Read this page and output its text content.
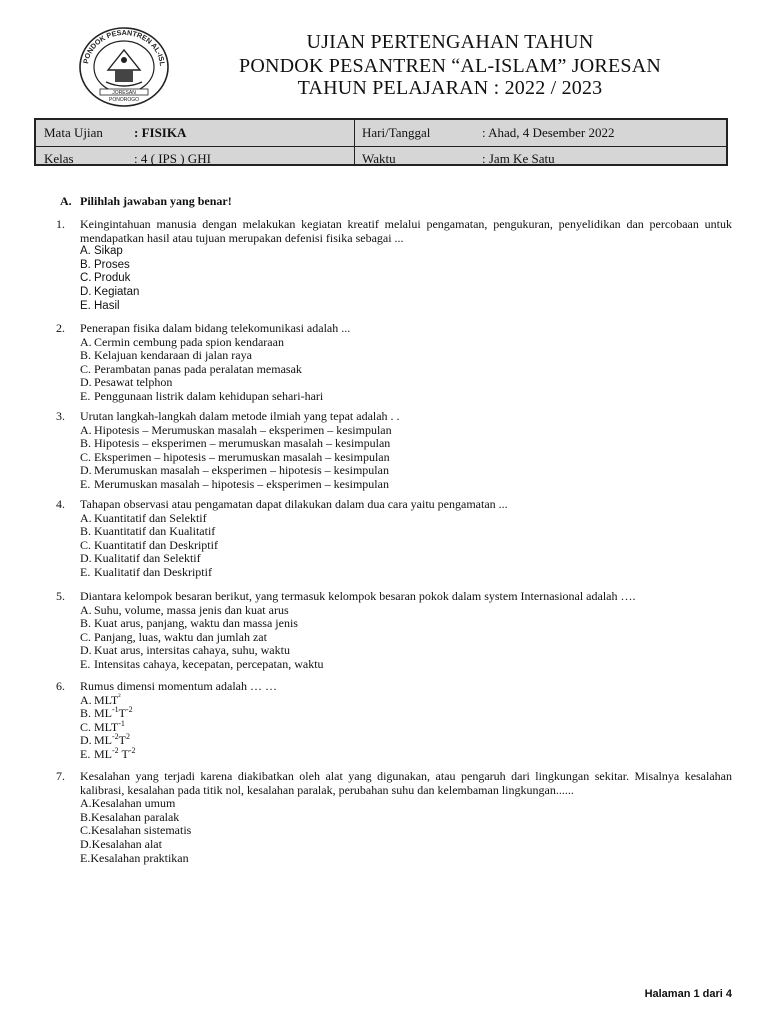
PONDOK PESANTREN AL-ISL
JORESAN
PONOROGO
UJIAN PERTENGAHAN TAHUN
PONDOK PESANTREN “AL-ISLAM” JORESAN
TAHUN PELAJARAN : 2022 / 2023
Mata Ujian : FISIKA	Hari/Tanggal	: Ahad, 4 Desember 2022
Kelas	: 4 ( IPS ) GHI	Waktu	: Jam Ke Satu
A. Pilihlah jawaban yang benar!
1. Keingintahuan manusia dengan melakukan kegiatan kreatif melalui pengamatan, pengukuran, penyelidikan dan percobaan untuk mendapatkan hasil atau tujuan merupakan defenisi fisika sebagai ...
A. Sikap
B. Proses
C. Produk
D. Kegiatan
E. Hasil
2. Penerapan fisika dalam bidang telekomunikasi adalah ...
A. Cermin cembung pada spion kendaraan
B. Kelajuan kendaraan di jalan raya
C. Perambatan panas pada peralatan memasak
D. Pesawat telphon
E. Penggunaan listrik dalam kehidupan sehari-hari
3. Urutan langkah-langkah dalam metode ilmiah yang tepat adalah . .
A. Hipotesis – Merumuskan masalah – eksperimen – kesimpulan
B. Hipotesis – eksperimen – merumuskan masalah – kesimpulan
C. Eksperimen – hipotesis – merumuskan masalah – kesimpulan
D. Merumuskan masalah – eksperimen – hipotesis – kesimpulan
E. Merumuskan masalah – hipotesis – eksperimen – kesimpulan
4. Tahapan observasi atau pengamatan dapat dilakukan dalam dua cara yaitu pengamatan ...
A. Kuantitatif dan Selektif
B. Kuantitatif dan Kualitatif
C. Kuantitatif dan Deskriptif
D. Kualitatif dan Selektif
E. Kualitatif dan Deskriptif
5. Diantara kelompok besaran berikut, yang termasuk kelompok besaran pokok dalam system Internasional adalah ….
A. Suhu, volume, massa jenis dan kuat arus
B. Kuat arus, panjang, waktu dan massa jenis
C. Panjang, luas, waktu dan jumlah zat
D. Kuat arus, intersitas cahaya, suhu, waktu
E. Intensitas cahaya, kecepatan, percepatan, waktu
6. Rumus dimensi momentum adalah … …
A. $MLT^{^2}$
B. $ML^{-1}T^{-2}$
C. $MLT^{-1}$
D. $ML^{-2}T^2$
E. $ML^{-2}$ $T^{-2}$
7. Kesalahan yang terjadi karena diakibatkan oleh alat yang digunakan, atau pengaruh dari lingkungan sekitar. Misalnya kesalahan kalibrasi, kesalahan pada titik nol, kesalahan paralak, perubahan suhu dan kelembaman lingkungan......
A.Kesalahan umum
B.Kesalahan paralak
C.Kesalahan sistematis
D.Kesalahan alat
E.Kesalahan praktikan
Halaman 1 dari 4
